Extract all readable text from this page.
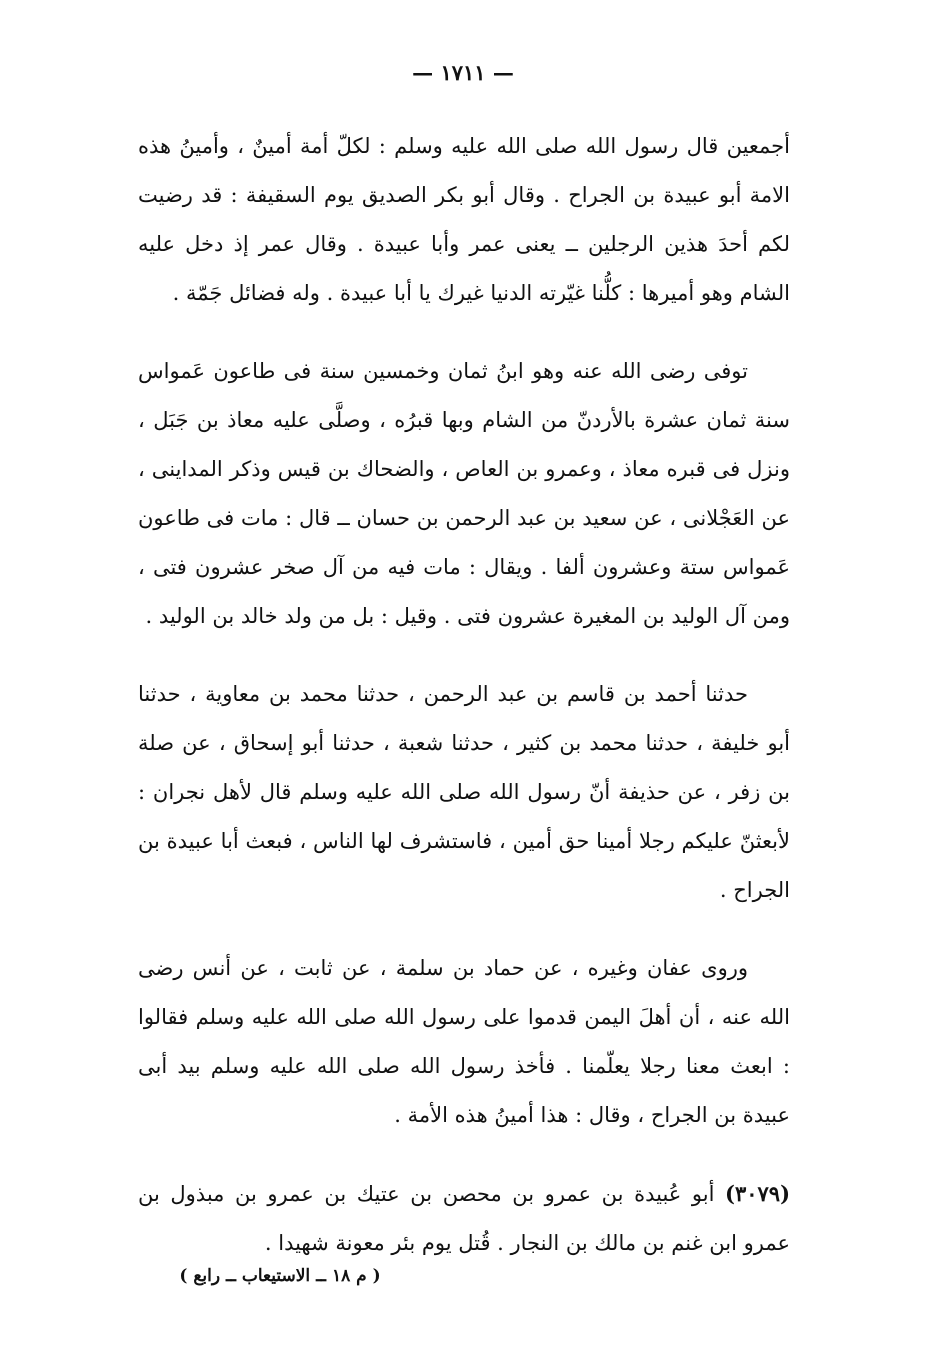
— ١٧١١ —

أجمعين قال رسول الله صلى الله عليه وسلم : لكلّ أمة أمينٌ ، وأمينُ هذه الامة أبو عبيدة بن الجراح . وقال أبو بكر الصديق يوم السقيفة : قد رضيت لكم أحدَ هذين الرجلين ــ يعنى عمر وأبا عبيدة . وقال عمر إذ دخل عليه الشام وهو أميرها : كلُّنا غيّرته الدنيا غيرك يا أبا عبيدة . وله فضائل جَمّة .

توفى رضى الله عنه وهو ابنُ ثمان وخمسين سنة فى طاعون عَمواس سنة ثمان عشرة بالأردنّ من الشام وبها قبرُه ، وصلَّى عليه معاذ بن جَبَل ، ونزل فى قبره معاذ ، وعمرو بن العاص ، والضحاك بن قيس وذكر المداينى ، عن العَجْلانى ، عن سعيد بن عبد الرحمن بن حسان ــ قال : مات فى طاعون عَمواس ستة وعشرون ألفا . ويقال : مات فيه من آل صخر عشرون فتى ، ومن آل الوليد بن المغيرة عشرون فتى . وقيل : بل من ولد خالد بن الوليد .

حدثنا أحمد بن قاسم بن عبد الرحمن ، حدثنا محمد بن معاوية ، حدثنا أبو خليفة ، حدثنا محمد بن كثير ، حدثنا شعبة ، حدثنا أبو إسحاق ، عن صلة بن زفر ، عن حذيفة أنّ رسول الله صلى الله عليه وسلم قال لأهل نجران : لأبعثنّ عليكم رجلا أمينا حق أمين ، فاستشرف لها الناس ، فبعث أبا عبيدة بن الجراح .

وروى عفان وغيره ، عن حماد بن سلمة ، عن ثابت ، عن أنس رضى الله عنه ، أن أهلَ اليمن قدموا على رسول الله صلى الله عليه وسلم فقالوا : ابعث معنا رجلا يعلّمنا . فأخذ رسول الله صلى الله عليه وسلم بيد أبى عبيدة بن الجراح ، وقال : هذا أمينُ هذه الأمة .

(٣٠٧٩) أبو عُبيدة بن عمرو بن محصن بن عتيك بن عمرو بن مبذول بن عمرو ابن غنم بن مالك بن النجار . قُتل يوم بئر معونة شهيدا .

( م ١٨ ــ الاستيعاب ــ رابع )
